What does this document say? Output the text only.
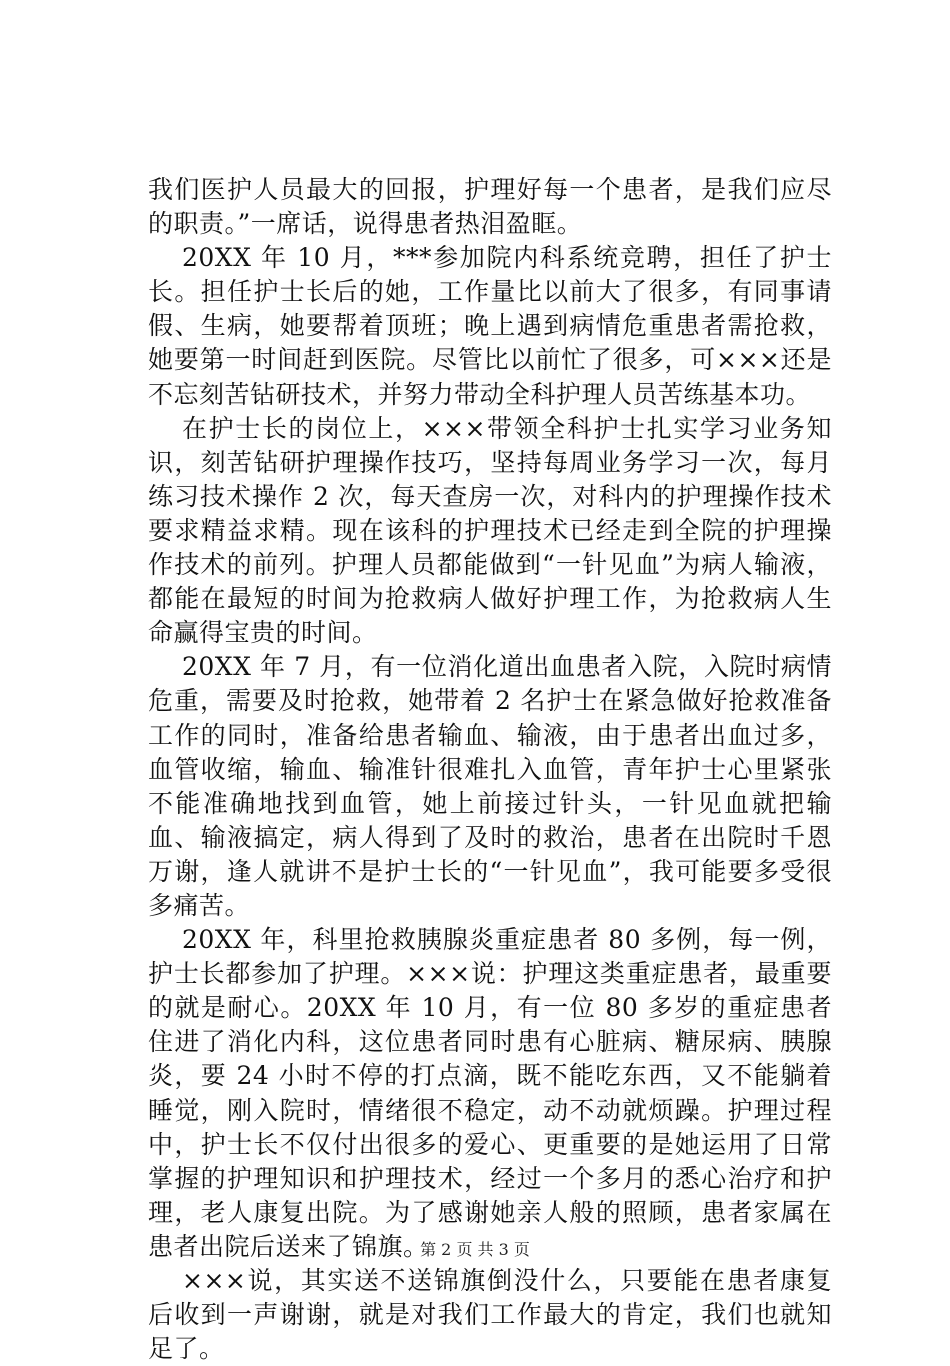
我们医护人员最大的回报，护理好每一个患者，是我们应尽的职责。”一席话，说得患者热泪盈眶。

20XX 年 10 月，***参加院内科系统竞聘，担任了护士长。担任护士长后的她，工作量比以前大了很多，有同事请假、生病，她要帮着顶班；晚上遇到病情危重患者需抢救，她要第一时间赶到医院。尽管比以前忙了很多，可×××还是不忘刻苦钻研技术，并努力带动全科护理人员苦练基本功。

在护士长的岗位上，×××带领全科护士扎实学习业务知识，刻苦钻研护理操作技巧，坚持每周业务学习一次，每月练习技术操作 2 次，每天查房一次，对科内的护理操作技术要求精益求精。现在该科的护理技术已经走到全院的护理操作技术的前列。护理人员都能做到“一针见血”为病人输液，都能在最短的时间为抢救病人做好护理工作，为抢救病人生命赢得宝贵的时间。

20XX 年 7 月，有一位消化道出血患者入院，入院时病情危重，需要及时抢救，她带着 2 名护士在紧急做好抢救准备工作的同时，准备给患者输血、输液，由于患者出血过多，血管收缩，输血、输准针很难扎入血管，青年护士心里紧张不能准确地找到血管，她上前接过针头，一针见血就把输血、输液搞定，病人得到了及时的救治，患者在出院时千恩万谢，逢人就讲不是护士长的“一针见血”，我可能要多受很多痛苦。

20XX 年，科里抢救胰腺炎重症患者 80 多例，每一例，护士长都参加了护理。×××说：护理这类重症患者，最重要的就是耐心。20XX 年 10 月，有一位 80 多岁的重症患者住进了消化内科，这位患者同时患有心脏病、糖尿病、胰腺炎，要 24 小时不停的打点滴，既不能吃东西，又不能躺着睡觉，刚入院时，情绪很不稳定，动不动就烦躁。护理过程中，护士长不仅付出很多的爱心、更重要的是她运用了日常掌握的护理知识和护理技术，经过一个多月的悉心治疗和护理，老人康复出院。为了感谢她亲人般的照顾，患者家属在患者出院后送来了锦旗。

×××说，其实送不送锦旗倒没什么，只要能在患者康复后收到一声谢谢，就是对我们工作最大的肯定，我们也就知足了。

第 2 页 共 3 页
